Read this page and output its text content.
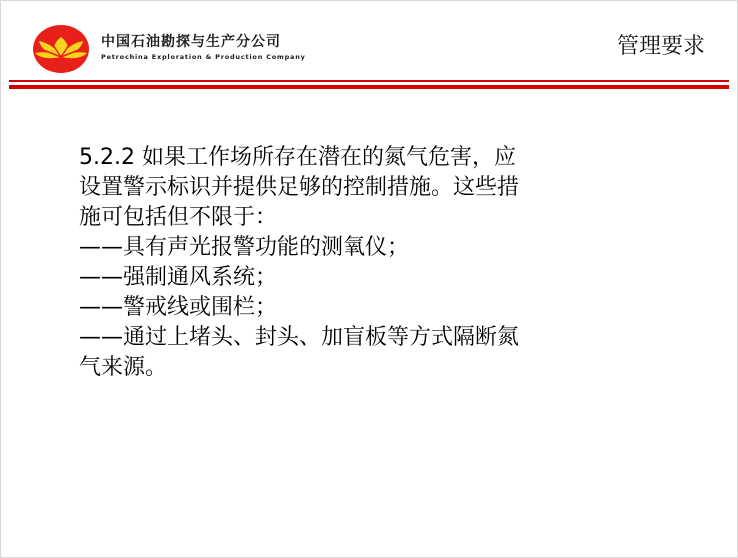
中国石油勘探与生产分公司
Petrochina Exploration & Production Company	管理要求
5.2.2 如果工作场所存在潜在的氮气危害，应
设置警示标识并提供足够的控制措施。这些措
施可包括但不限于：
——具有声光报警功能的测氧仪；
——强制通风系统；
——警戒线或围栏；
——通过上堵头、封头、加盲板等方式隔断氮
气来源。
